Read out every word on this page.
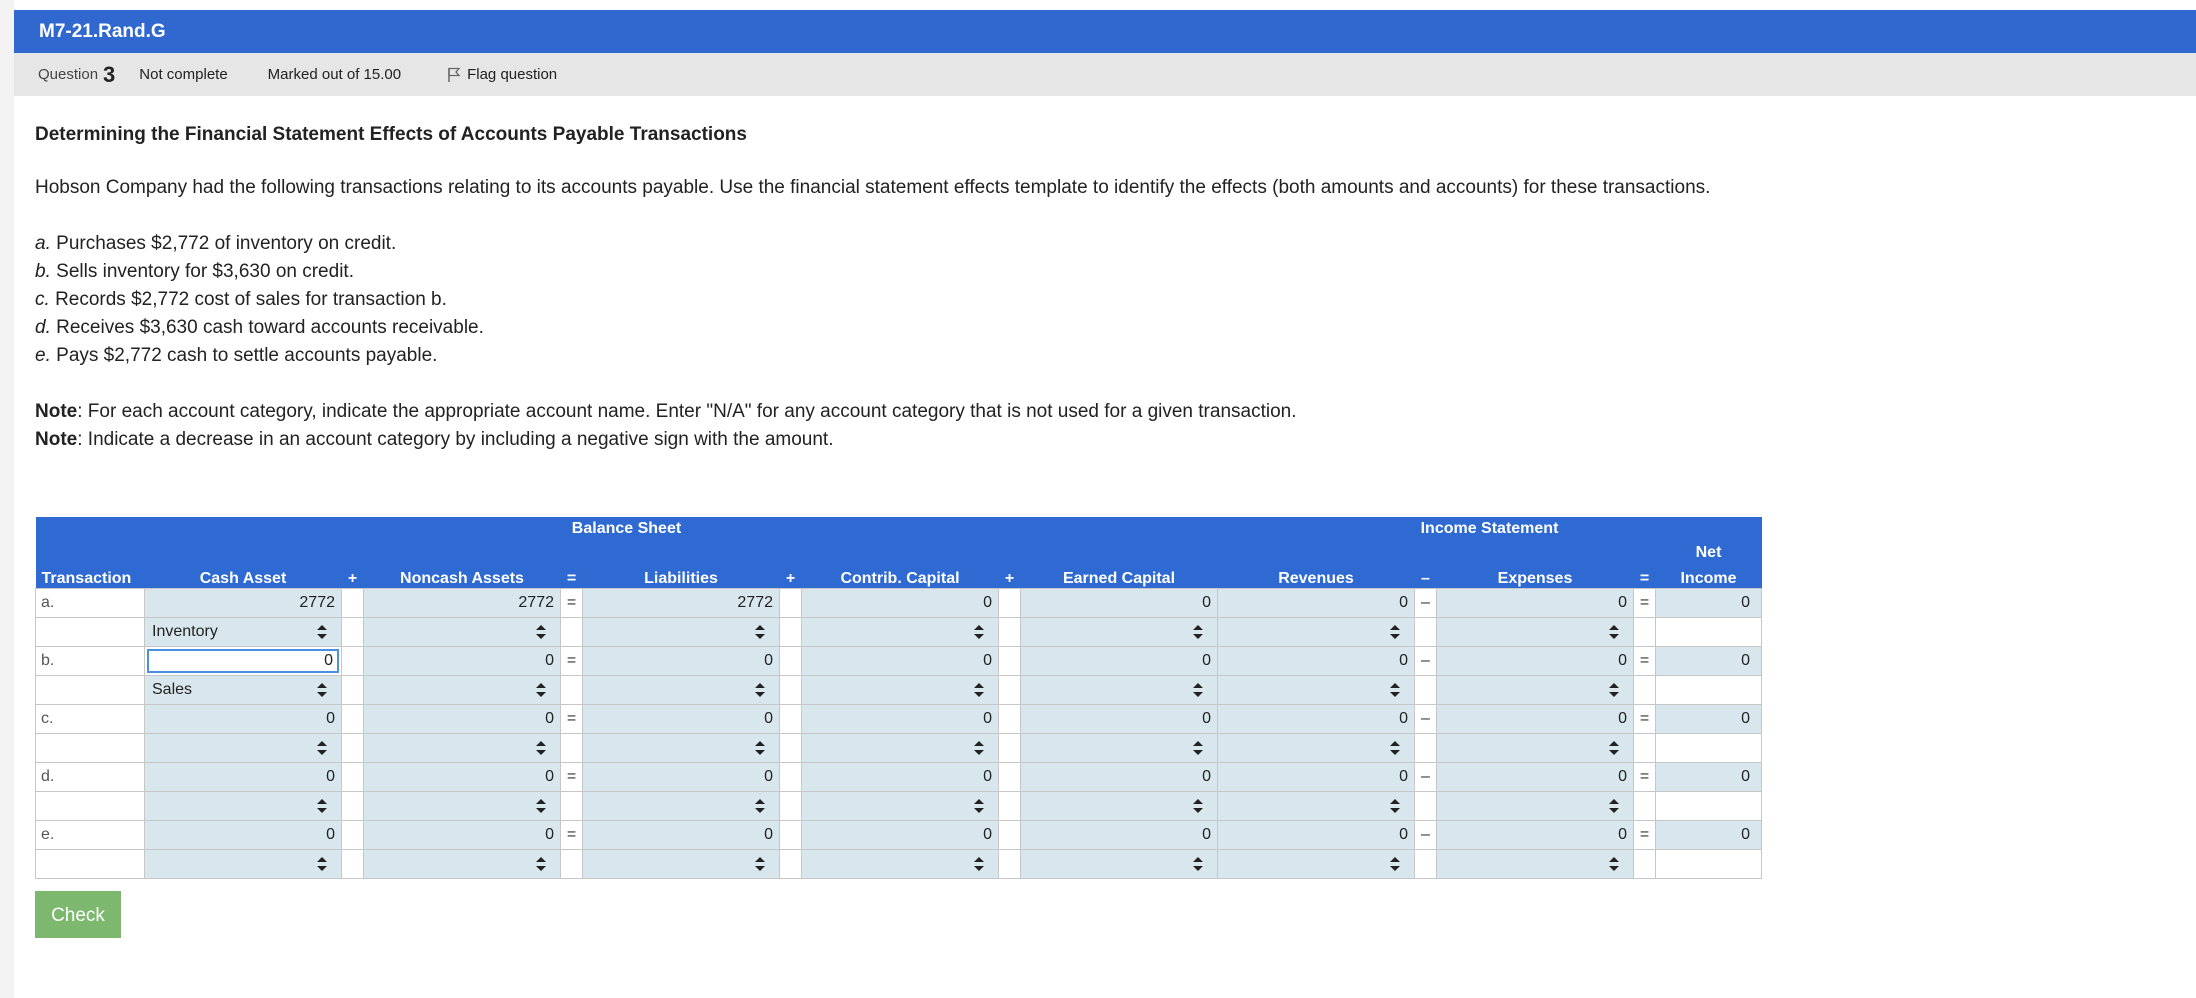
M7-21.Rand.G
Question 3 Not complete	Marked out of 15.00	Flag question
Determining the Financial Statement Effects of Accounts Payable Transactions
Hobson Company had the following transactions relating to its accounts payable. Use the financial statement effects template to identify the effects (both amounts and accounts) for these transactions.
a. Purchases $2,772 of inventory on credit.
b. Sells inventory for $3,630 on credit.
c. Records $2,772 cost of sales for transaction b.
d. Receives $3,630 cash toward accounts receivable.
e. Pays $2,772 cash to settle accounts payable.
Note: For each account category, indicate the appropriate account name. Enter "N/A" for any account category that is not used for a given transaction.
Note: Indicate a decrease in an account category by including a negative sign with the amount.
Balance Sheet										Income Statement				
														Net
Transaction	Cash Asset	+	Noncash Assets	=	Liabilities	+	Contrib. Capital	+	Earned Capital	Revenues	–	Expenses	=	Income
a.	2772		2772	=	2772		0		0	0	–	0	=	0
	Inventory

b.	0		0	=	0		0		0	0	–	0	=	0
	Sales

c.	0		0	=	0		0		0	0	–	0	=	0

d.	0		0	=	0		0		0	0	–	0	=	0

e.	0		0	=	0		0		0	0	–	0	=	0

Check
